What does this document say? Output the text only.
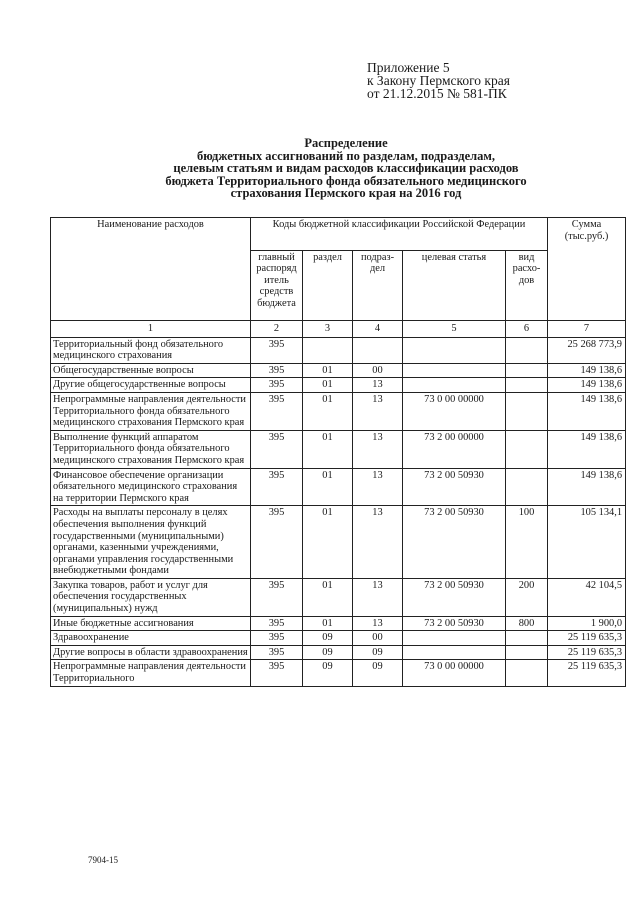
Приложение 5
к Закону Пермского края
от 21.12.2015 № 581-ПК
Распределение
бюджетных ассигнований по разделам, подразделам,
целевым статьям и видам расходов классификации расходов
бюджета Территориального фонда обязательного медицинского
страхования Пермского края на 2016 год
Наименование расходов	Коды бюджетной классификации Российской Федерации					Сумма (тыс.руб.)
	главный распоряд итель средств бюджета	раздел	подраз-дел	целевая статья	вид расхо-дов	
1	2	3	4	5	6	7
Территориальный фонд обязательного медицинского страхования	395					25 268 773,9
Общегосударственные вопросы	395	01	00			149 138,6
Другие общегосударственные вопросы	395	01	13			149 138,6
Непрограммные направления деятельности Территориального фонда обязательного медицинского страхования Пермского края	395	01	13	73 0 00 00000		149 138,6
Выполнение функций аппаратом Территориального фонда обязательного медицинского страхования Пермского края	395	01	13	73 2 00 00000		149 138,6
Финансовое обеспечение организации обязательного медицинского страхования на территории Пермского края	395	01	13	73 2 00 50930		149 138,6
Расходы на выплаты персоналу в целях обеспечения выполнения функций государственными (муниципальными) органами, казенными учреждениями, органами управления государственными внебюджетными фондами	395	01	13	73 2 00 50930	100	105 134,1
Закупка товаров, работ и услуг для обеспечения государственных (муниципальных) нужд	395	01	13	73 2 00 50930	200	42 104,5
Иные бюджетные ассигнования	395	01	13	73 2 00 50930	800	1 900,0
Здравоохранение	395	09	00			25 119 635,3
Другие вопросы в области здравоохранения	395	09	09			25 119 635,3
Непрограммные направления деятельности Территориального	395	09	09	73 0 00 00000		25 119 635,3
7904-15
